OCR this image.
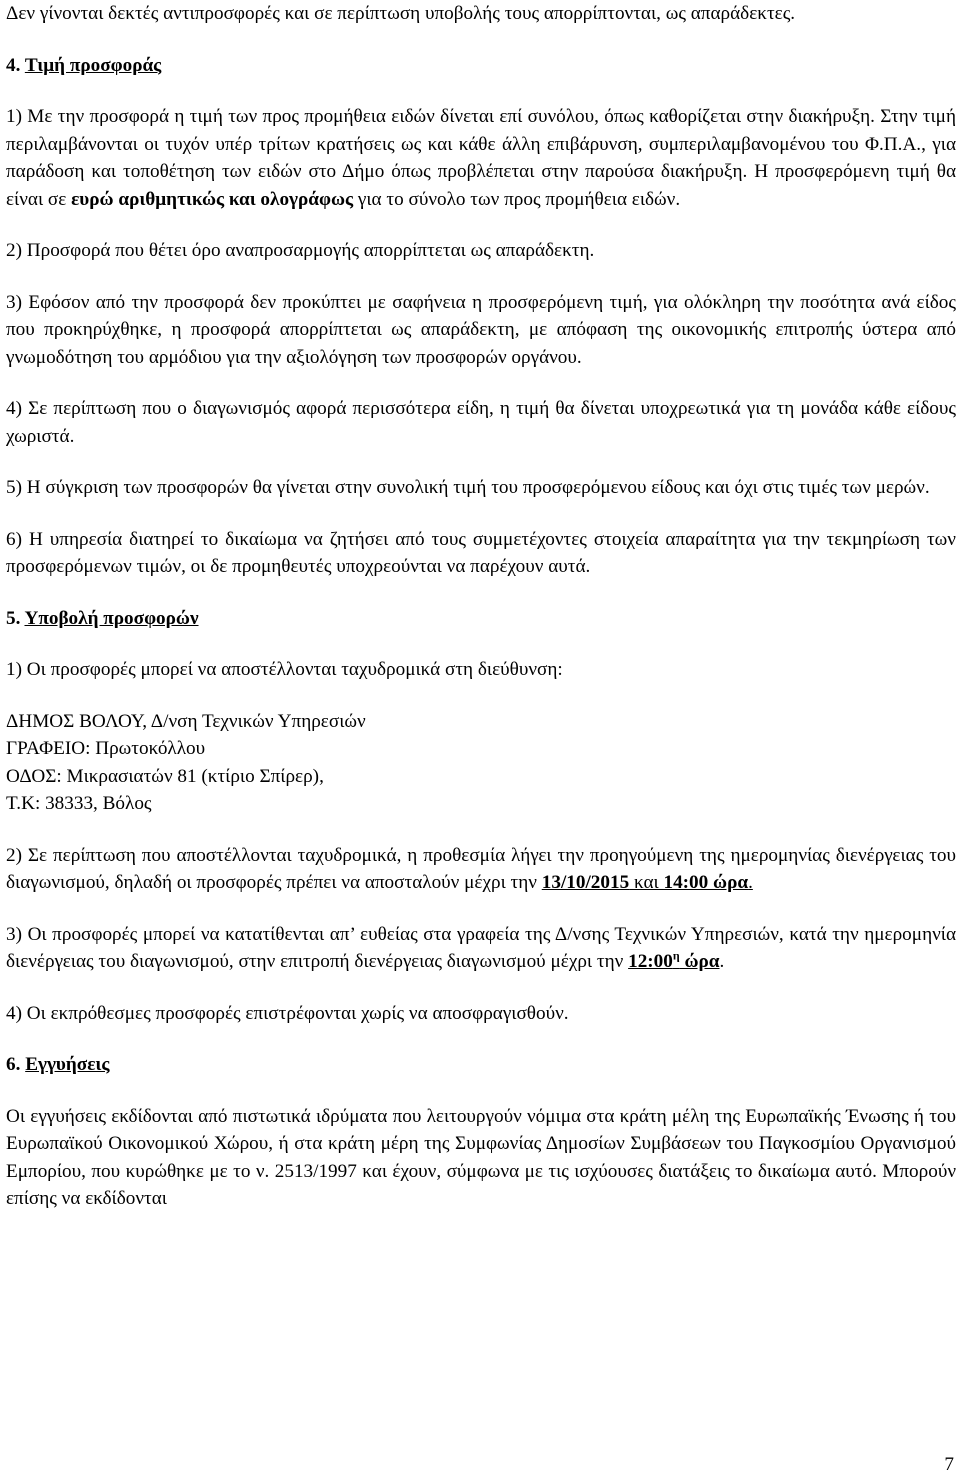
Δεν γίνονται δεκτές αντιπροσφορές και σε περίπτωση υποβολής τους απορρίπτονται, ως απαράδεκτες.

4. Τιμή προσφοράς

1) Με την προσφορά η τιμή των προς προμήθεια ειδών δίνεται επί συνόλου, όπως καθορίζεται στην διακήρυξη. Στην τιμή περιλαμβάνονται οι τυχόν υπέρ τρίτων κρατήσεις ως και κάθε άλλη επιβάρυνση, συμπεριλαμβανομένου του Φ.Π.Α., για παράδοση και τοποθέτηση των ειδών στο Δήμο όπως προβλέπεται στην παρούσα διακήρυξη. Η προσφερόμενη τιμή θα είναι σε ευρώ αριθμητικώς και ολογράφως για το σύνολο των προς προμήθεια ειδών.

2) Προσφορά που θέτει όρο αναπροσαρμογής απορρίπτεται ως απαράδεκτη.

3) Εφόσον από την προσφορά δεν προκύπτει με σαφήνεια η προσφερόμενη τιμή, για ολόκληρη την ποσότητα ανά είδος που προκηρύχθηκε, η προσφορά απορρίπτεται ως απαράδεκτη, με απόφαση της οικονομικής επιτροπής ύστερα από γνωμοδότηση του αρμόδιου για την αξιολόγηση των προσφορών οργάνου.

4) Σε περίπτωση που ο διαγωνισμός αφορά περισσότερα είδη, η τιμή θα δίνεται υποχρεωτικά για τη μονάδα κάθε είδους χωριστά.

5) Η σύγκριση των προσφορών θα γίνεται στην συνολική τιμή του προσφερόμενου είδους και όχι στις τιμές των μερών.

6) Η υπηρεσία διατηρεί το δικαίωμα να ζητήσει από τους συμμετέχοντες στοιχεία απαραίτητα για την τεκμηρίωση των προσφερόμενων τιμών, οι δε προμηθευτές υποχρεούνται να παρέχουν αυτά.

5. Υποβολή προσφορών

1) Οι προσφορές μπορεί να αποστέλλονται ταχυδρομικά στη διεύθυνση:

ΔΗΜΟΣ ΒΟΛΟΥ, Δ/νση Τεχνικών Υπηρεσιών

ΓΡΑΦΕΙΟ: Πρωτοκόλλου

ΟΔΟΣ: Μικρασιατών 81 (κτίριο Σπίρερ),

Τ.Κ: 38333, Βόλος

2) Σε περίπτωση που αποστέλλονται ταχυδρομικά, η προθεσμία λήγει την προηγούμενη της ημερομηνίας διενέργειας του διαγωνισμού, δηλαδή οι προσφορές πρέπει να αποσταλούν μέχρι την 13/10/2015 και 14:00 ώρα.

3) Οι προσφορές μπορεί να κατατίθενται απ’ ευθείας στα γραφεία της Δ/νσης Τεχνικών Υπηρεσιών, κατά την ημερομηνία διενέργειας του διαγωνισμού, στην επιτροπή διενέργειας διαγωνισμού μέχρι την $12:00^\eta$ ώρα.

4) Οι εκπρόθεσμες προσφορές επιστρέφονται χωρίς να αποσφραγισθούν.

6. Εγγυήσεις

Οι εγγυήσεις εκδίδονται από πιστωτικά ιδρύματα που λειτουργούν νόμιμα στα κράτη μέλη της Ευρωπαϊκής Ένωσης ή του Ευρωπαϊκού Οικονομικού Χώρου, ή στα κράτη μέρη της Συμφωνίας Δημοσίων Συμβάσεων του Παγκοσμίου Οργανισμού Εμπορίου, που κυρώθηκε με το ν. 2513/1997 και έχουν, σύμφωνα με τις ισχύουσες διατάξεις το δικαίωμα αυτό. Μπορούν επίσης να εκδίδονται

7
